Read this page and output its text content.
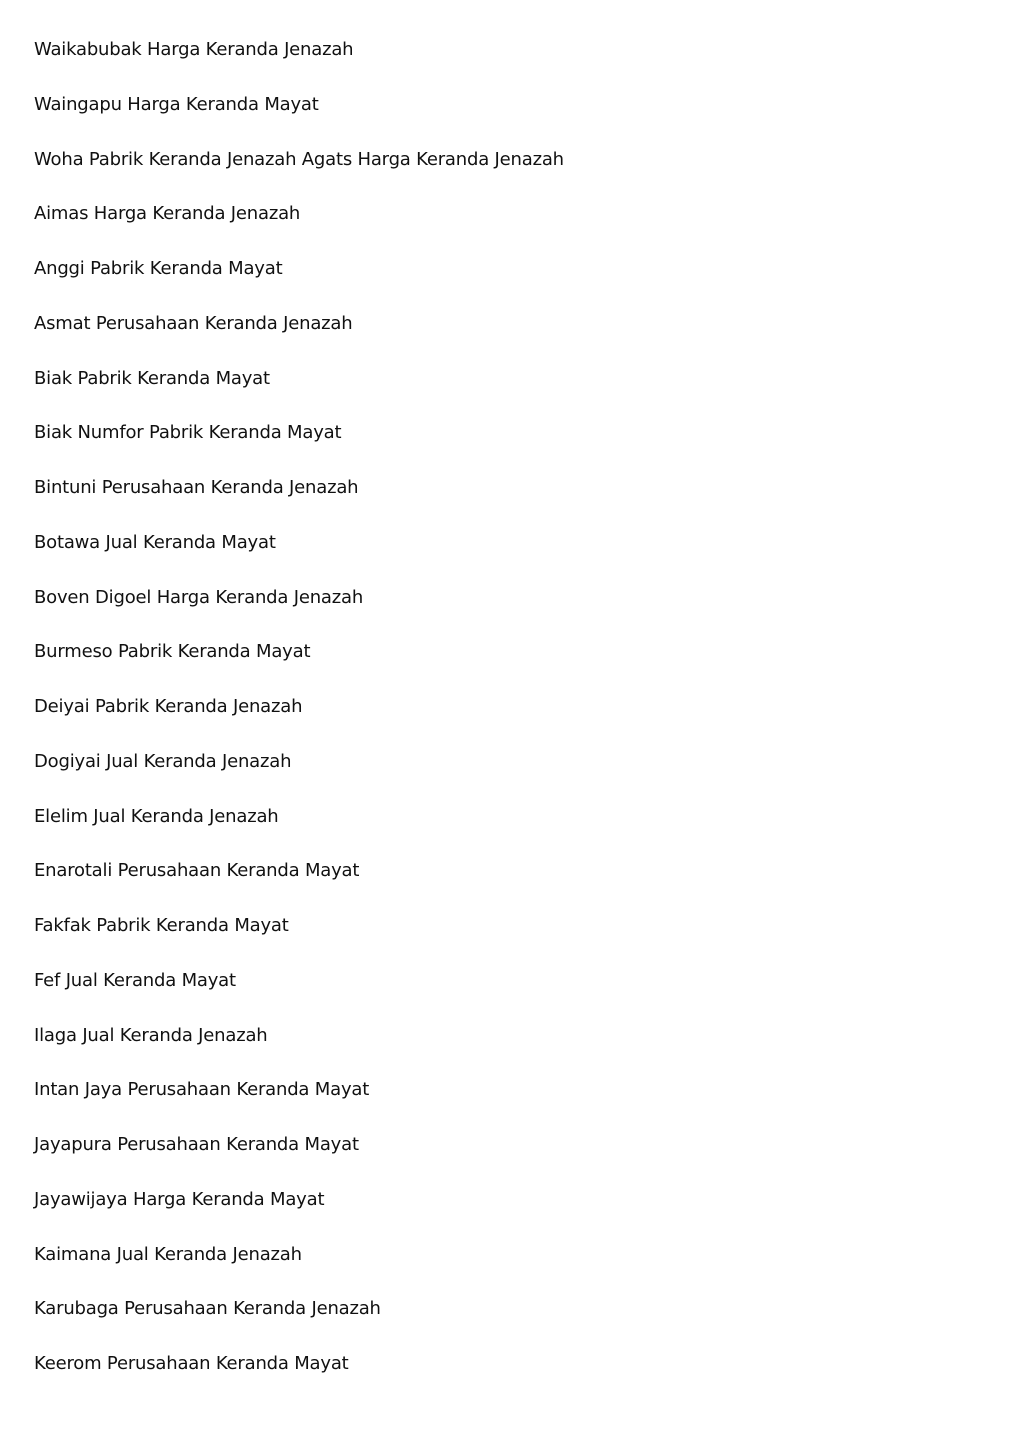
Waikabubak Harga Keranda Jenazah
Waingapu Harga Keranda Mayat
Woha Pabrik Keranda Jenazah Agats Harga Keranda Jenazah
Aimas Harga Keranda Jenazah
Anggi Pabrik Keranda Mayat
Asmat Perusahaan Keranda Jenazah
Biak Pabrik Keranda Mayat
Biak Numfor Pabrik Keranda Mayat
Bintuni Perusahaan Keranda Jenazah
Botawa Jual Keranda Mayat
Boven Digoel Harga Keranda Jenazah
Burmeso Pabrik Keranda Mayat
Deiyai Pabrik Keranda Jenazah
Dogiyai Jual Keranda Jenazah
Elelim Jual Keranda Jenazah
Enarotali Perusahaan Keranda Mayat
Fakfak Pabrik Keranda Mayat
Fef Jual Keranda Mayat
Ilaga Jual Keranda Jenazah
Intan Jaya Perusahaan Keranda Mayat
Jayapura Perusahaan Keranda Mayat
Jayawijaya Harga Keranda Mayat
Kaimana Jual Keranda Jenazah
Karubaga Perusahaan Keranda Jenazah
Keerom Perusahaan Keranda Mayat
